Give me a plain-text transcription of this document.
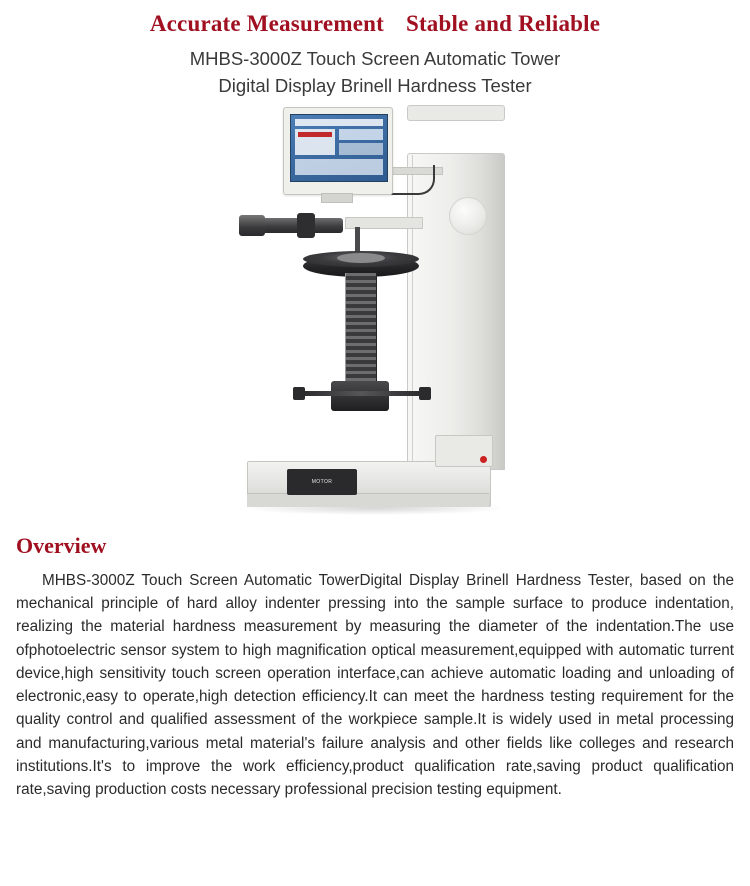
Accurate Measurement Stable and Reliable
MHBS-3000Z Touch Screen Automatic Tower
Digital Display Brinell Hardness Tester
MOTOR
Overview
MHBS-3000Z Touch Screen Automatic TowerDigital Display Brinell Hardness Tester, based on the mechanical principle of hard alloy indenter pressing into the sample surface to produce indentation, realizing the material hardness measurement by measuring the diameter of the indentation.The use ofphotoelectric sensor system to high magnification optical measurement,equipped with automatic turrent device,high sensitivity touch screen operation interface,can achieve automatic loading and unloading of electronic,easy to operate,high detection efficiency.It can meet the hardness testing requirement for the quality control and qualified assessment of the workpiece sample.It is widely used in metal processing and manufacturing,various metal material's failure analysis and other fields like colleges and research institutions.It's to improve the work efficiency,product qualification rate,saving product qualification rate,saving production costs necessary professional precision testing equipment.
